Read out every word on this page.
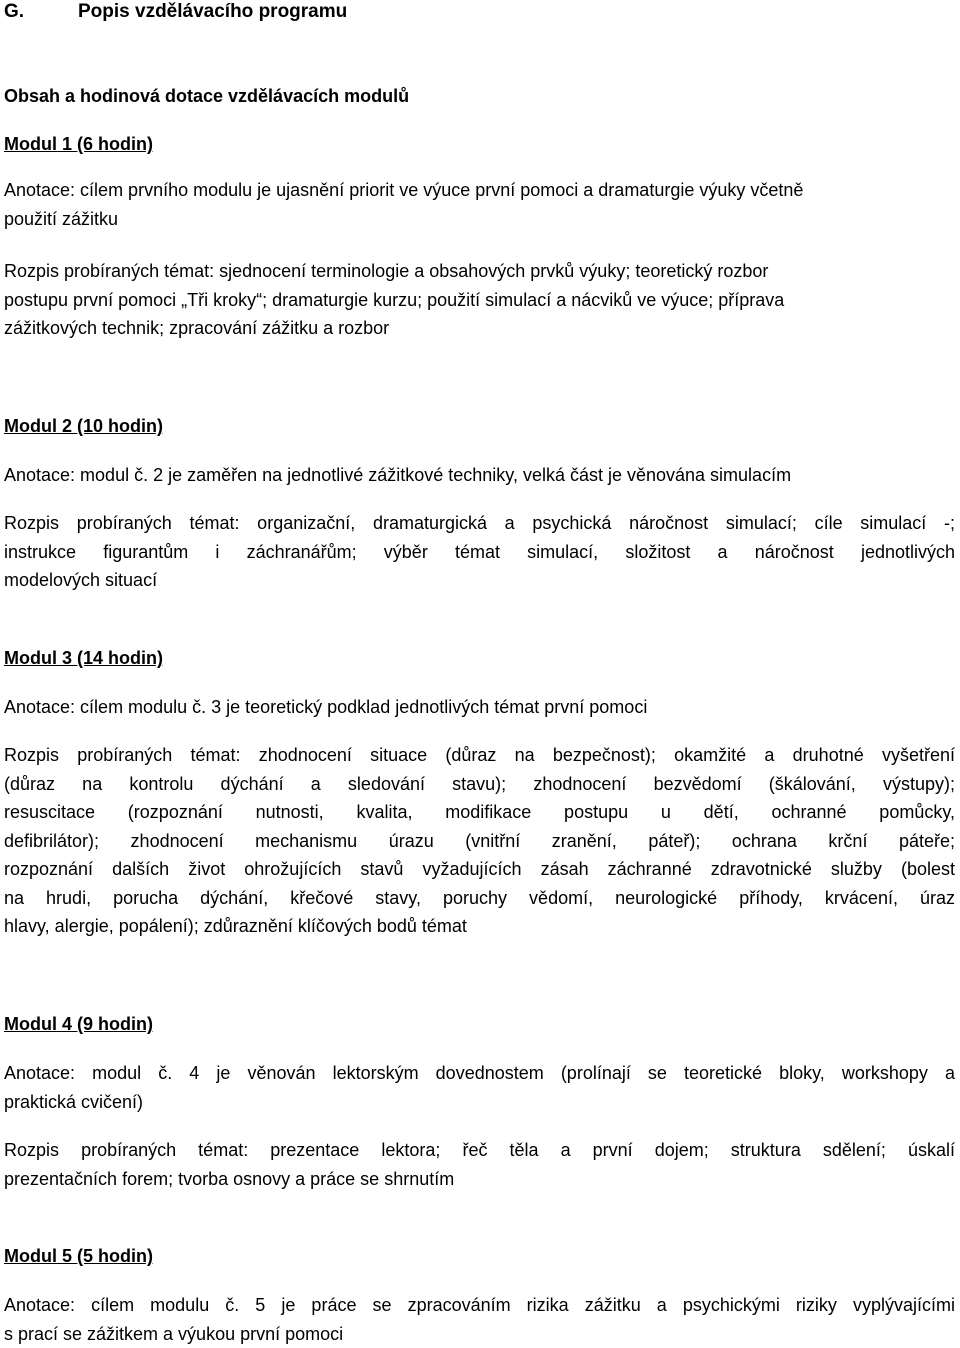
G.	Popis vzdělávacího programu
Obsah a hodinová dotace vzdělávacích modulů
Modul 1 (6 hodin)
Anotace: cílem prvního modulu je ujasnění priorit ve výuce první pomoci a dramaturgie výuky včetně
použití zážitku
Rozpis probíraných témat: sjednocení terminologie a obsahových prvků výuky; teoretický rozbor
postupu první pomoci „Tři kroky“; dramaturgie kurzu; použití simulací a nácviků ve výuce; příprava
zážitkových technik; zpracování zážitku a rozbor
Modul 2 (10 hodin)
Anotace: modul č. 2 je zaměřen na jednotlivé zážitkové techniky, velká část je věnována simulacím
Rozpis probíraných témat: organizační, dramaturgická a psychická náročnost simulací; cíle simulací -;
instrukce figurantům i záchranářům; výběr témat simulací, složitost a náročnost jednotlivých
modelových situací
Modul 3 (14 hodin)
Anotace: cílem modulu č. 3 je teoretický podklad jednotlivých témat první pomoci
Rozpis probíraných témat: zhodnocení situace (důraz na bezpečnost); okamžité a druhotné vyšetření
(důraz na kontrolu dýchání a sledování stavu); zhodnocení bezvědomí (škálování, výstupy);
resuscitace (rozpoznání nutnosti, kvalita, modifikace postupu u dětí, ochranné pomůcky,
defibrilátor); zhodnocení mechanismu úrazu (vnitřní zranění, páteř); ochrana krční páteře;
rozpoznání dalších život ohrožujících stavů vyžadujících zásah záchranné zdravotnické služby (bolest
na hrudi, porucha dýchání, křečové stavy, poruchy vědomí, neurologické příhody, krvácení, úraz
hlavy, alergie, popálení); zdůraznění klíčových bodů témat
Modul 4 (9 hodin)
Anotace: modul č. 4 je věnován lektorským dovednostem (prolínají se teoretické bloky, workshopy a
praktická cvičení)
Rozpis probíraných témat: prezentace lektora; řeč těla a první dojem; struktura sdělení; úskalí
prezentačních forem; tvorba osnovy a práce se shrnutím
Modul 5 (5 hodin)
Anotace: cílem modulu č. 5 je práce se zpracováním rizika zážitku a psychickými riziky vyplývajícími
s prací se zážitkem a výukou první pomoci
